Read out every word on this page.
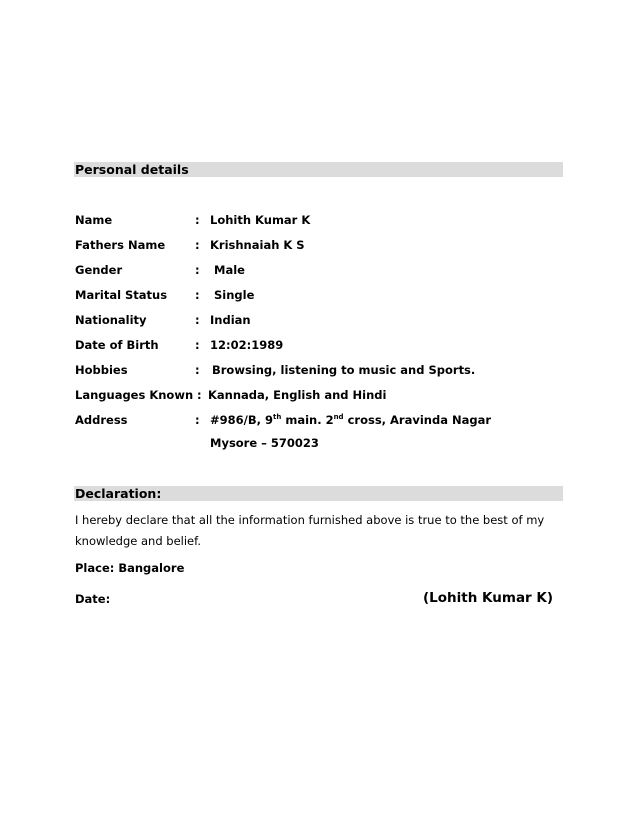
Personal details
Name	: Lohith Kumar K
Fathers Name	: Krishnaiah K S
Gender	: Male
Marital Status : Single
Nationality	: Indian
Date of Birth	: 12:02:1989
Hobbies	: Browsing, listening to music and Sports.
Languages Known : Kannada, English and Hindi
Address	: #986/B, 9th main. 2nd cross, Aravinda Nagar
Mysore – 570023
Declaration:
I hereby declare that all the information furnished above is true to the best of my knowledge and belief.
Place: Bangalore
Date:	(Lohith Kumar K)
